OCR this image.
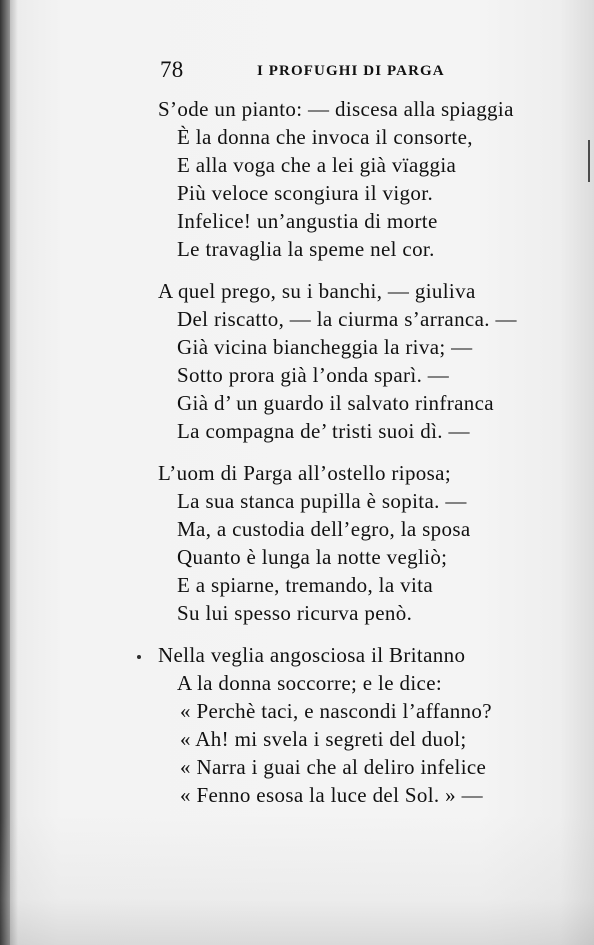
78	I PROFUGHI DI PARGA
S’ode un pianto: — discesa alla spiaggia
È la donna che invoca il consorte,
E alla voga che a lei già vïaggia
Più veloce scongiura il vigor.
Infelice! un’angustia di morte
Le travaglia la speme nel cor.
A quel prego, su i banchi, — giuliva
Del riscatto, — la ciurma s’arranca. —
Già vicina biancheggia la riva; —
Sotto prora già l’onda sparì. —
Già d’ un guardo il salvato rinfranca
La compagna de’ tristi suoi dì. —
L’uom di Parga all’ostello riposa;
La sua stanca pupilla è sopita. —
Ma, a custodia dell’egro, la sposa
Quanto è lunga la notte vegliò;
E a spiarne, tremando, la vita
Su lui spesso ricurva penò.
Nella veglia angosciosa il Britanno
A la donna soccorre; e le dice:
« Perchè taci, e nascondi l’affanno?
« Ah! mi svela i segreti del duol;
« Narra i guai che al deliro infelice
« Fenno esosa la luce del Sol. » —
